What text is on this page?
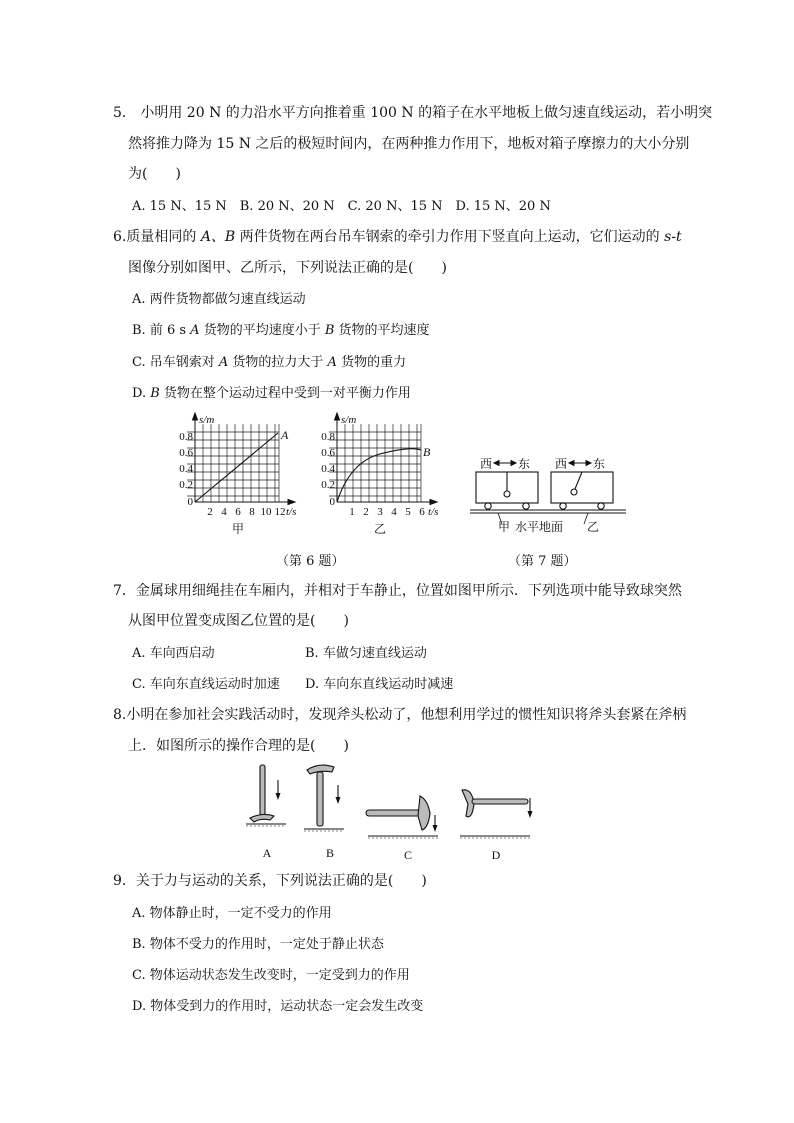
5． 小明用 20 N 的力沿水平方向推着重 100 N 的箱子在水平地板上做匀速直线运动，若小明突
然将推力降为 15 N 之后的极短时间内，在两种推力作用下，地板对箱子摩擦力的大小分别
为(　　)
A. 15 N、15 N　B. 20 N、20 N　C. 20 N、15 N　D. 15 N、20 N
6.质量相同的 A、B 两件货物在两台吊车钢索的牵引力作用下竖直向上运动，它们运动的 s-t
图像分别如图甲、乙所示，下列说法正确的是(　　)
A. 两件货物都做匀速直线运动
B. 前 6 s A 货物的平均速度小于 B 货物的平均速度
C. 吊车钢索对 A 货物的拉力大于 A 货物的重力
D. B 货物在整个运动过程中受到一对平衡力作用
s/m
A
0.8
0.6
0.4
0.2
0
2 4 6 8 10 12 t/s
甲
s/m
B
0.8
0.6
0.4
0.2
0
1 2 3 4 5 6 t/s
乙
（第 6 题）
西 东 西 东
甲 水平地面 乙
（第 7 题）
7．金属球用细绳挂在车厢内，并相对于车静止，位置如图甲所示．下列选项中能导致球突然
从图甲位置变成图乙位置的是(　　)
A. 车向西启动	B. 车做匀速直线运动
C. 车向东直线运动时加速 D. 车向东直线运动时减速
8.小明在参加社会实践活动时，发现斧头松动了，他想利用学过的惯性知识将斧头套紧在斧柄
上．如图所示的操作合理的是(　　)
A	B	C	D
9．关于力与运动的关系，下列说法正确的是(　　)
A. 物体静止时，一定不受力的作用
B. 物体不受力的作用时，一定处于静止状态
C. 物体运动状态发生改变时，一定受到力的作用
D. 物体受到力的作用时，运动状态一定会发生改变
